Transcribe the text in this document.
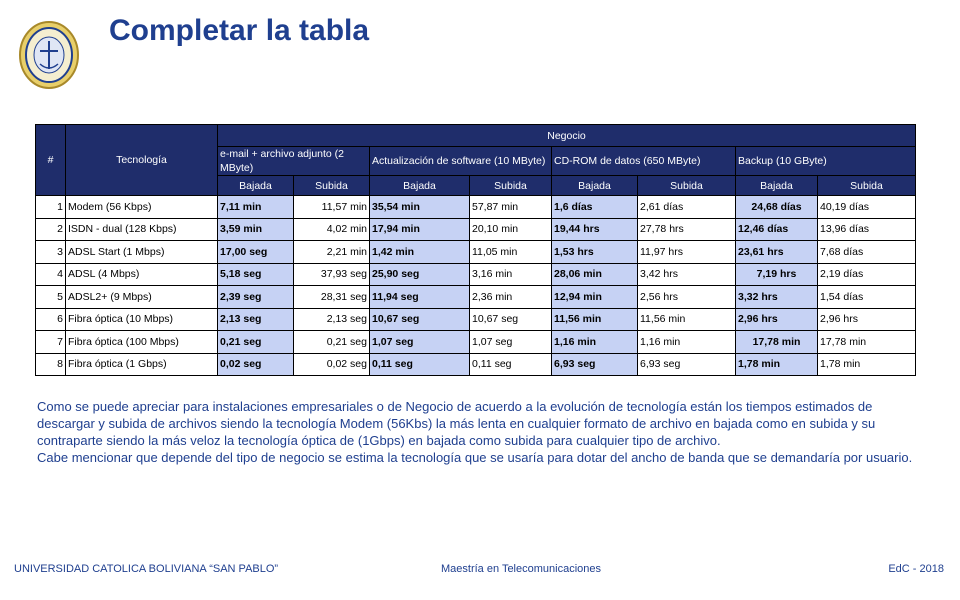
Completar la tabla
#	Tecnología	Negocio							
		e-mail + archivo adjunto (2 MByte)		Actualización de software (10 MByte)		CD-ROM de datos (650 MByte)		Backup (10 GByte)	
		Bajada	Subida	Bajada	Subida	Bajada	Subida	Bajada	Subida
1	Modem (56 Kbps)	7,11 min	11,57 min	35,54 min	57,87 min	1,6 días	2,61 días	24,68 días	40,19 días
2	ISDN - dual (128 Kbps)	3,59 min	4,02 min	17,94 min	20,10 min	19,44 hrs	27,78 hrs	12,46 días	13,96 días
3	ADSL Start (1 Mbps)	17,00 seg	2,21 min	1,42 min	11,05 min	1,53 hrs	11,97 hrs	23,61 hrs	7,68 días
4	ADSL (4 Mbps)	5,18 seg	37,93 seg	25,90 seg	3,16 min	28,06 min	3,42 hrs	7,19 hrs	2,19 días
5	ADSL2+ (9 Mbps)	2,39 seg	28,31 seg	11,94 seg	2,36 min	12,94 min	2,56 hrs	3,32 hrs	1,54 días
6	Fibra óptica (10 Mbps)	2,13 seg	2,13 seg	10,67 seg	10,67 seg	11,56 min	11,56 min	2,96 hrs	2,96 hrs
7	Fibra óptica (100 Mbps)	0,21 seg	0,21 seg	1,07 seg	1,07 seg	1,16 min	1,16 min	17,78 min	17,78 min
8	Fibra óptica (1 Gbps)	0,02 seg	0,02 seg	0,11 seg	0,11 seg	6,93 seg	6,93 seg	1,78 min	1,78 min

Como se puede apreciar para instalaciones empresariales o de Negocio de acuerdo a la evolución de tecnología están los tiempos estimados de descargar y subida de archivos siendo la tecnología Modem (56Kbs) la más lenta en cualquier formato de archivo en bajada como en subida y su contraparte siendo la más veloz la tecnología óptica de (1Gbps) en bajada como subida para cualquier tipo de archivo.

Cabe mencionar que depende del tipo de negocio se estima la tecnología que se usaría para dotar del ancho de banda que se demandaría por usuario.

UNIVERSIDAD CATOLICA BOLIVIANA “SAN PABLO”	Maestría en Telecomunicaciones	EdC - 2018
